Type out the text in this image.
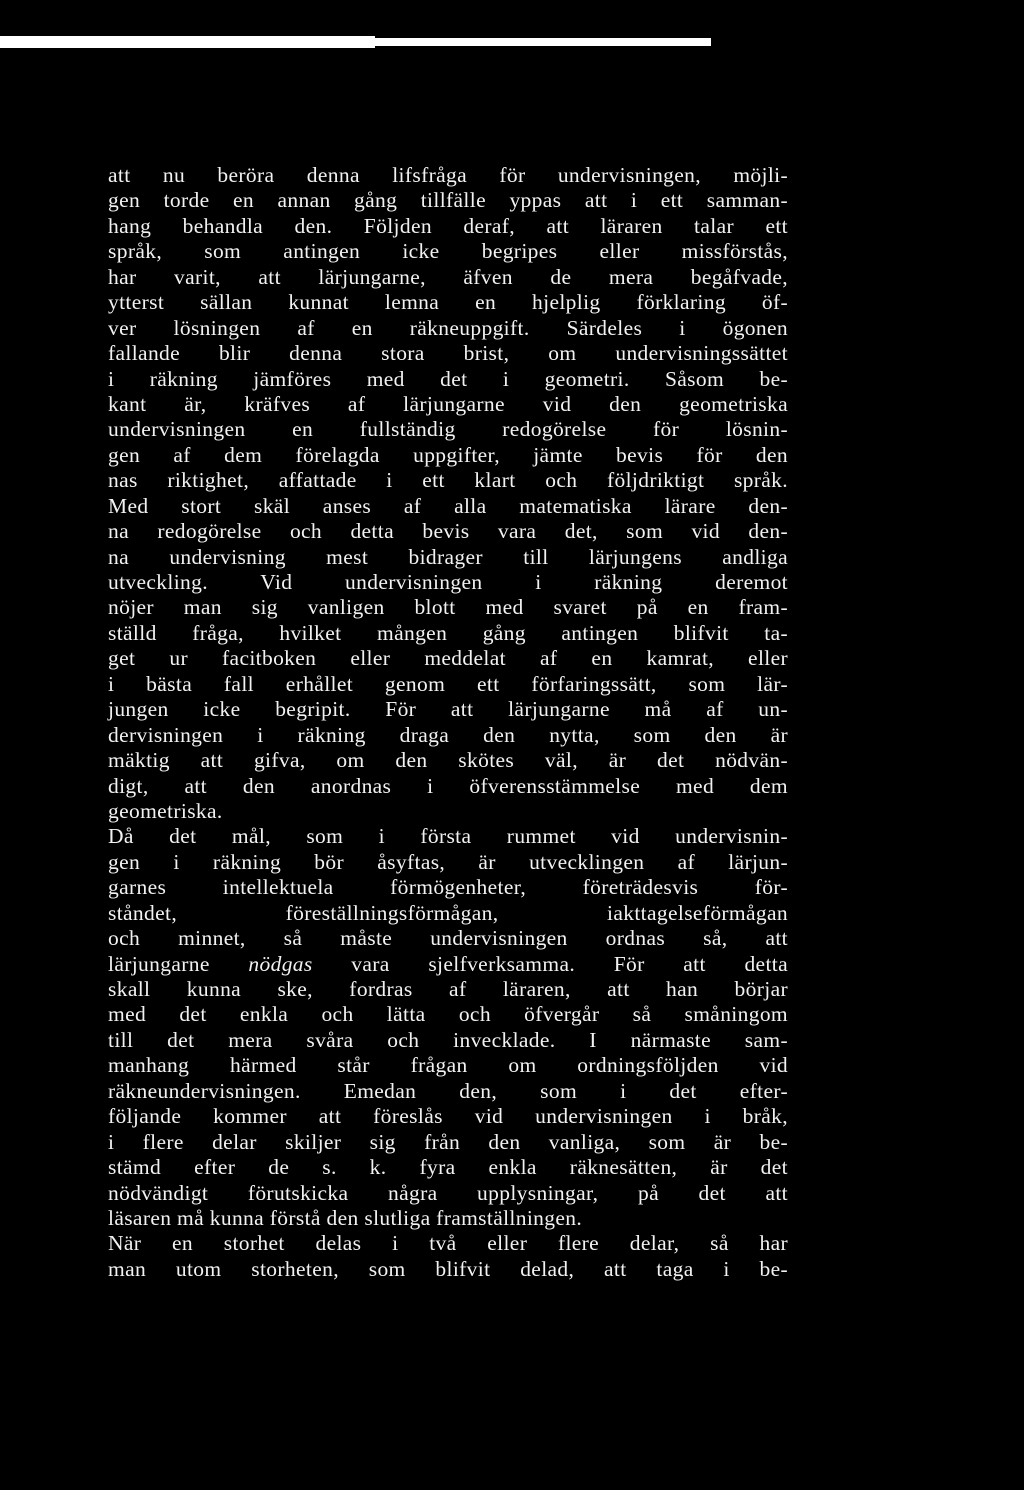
att nu beröra denna lifsfråga för undervisningen, möjli-
gen torde en annan gång tillfälle yppas att i ett samman-
hang behandla den. Följden deraf, att läraren talar ett
språk, som antingen icke begripes eller missförstås,
har varit, att lärjungarne, äfven de mera begåfvade,
ytterst sällan kunnat lemna en hjelplig förklaring öf-
ver lösningen af en räkneuppgift. Särdeles i ögonen
fallande blir denna stora brist, om undervisningssättet
i räkning jämföres med det i geometri. Såsom be-
kant är, kräfves af lärjungarne vid den geometriska
undervisningen en fullständig redogörelse för lösnin-
gen af dem förelagda uppgifter, jämte bevis för den
nas riktighet, affattade i ett klart och följdriktigt språk.
Med stort skäl anses af alla matematiska lärare den-
na redogörelse och detta bevis vara det, som vid den-
na undervisning mest bidrager till lärjungens andliga
utveckling. Vid undervisningen i räkning deremot
nöjer man sig vanligen blott med svaret på en fram-
ställd fråga, hvilket mången gång antingen blifvit ta-
get ur facitboken eller meddelat af en kamrat, eller
i bästa fall erhållet genom ett förfaringssätt, som lär-
jungen icke begripit. För att lärjungarne må af un-
dervisningen i räkning draga den nytta, som den är
mäktig att gifva, om den skötes väl, är det nödvän-
digt, att den anordnas i öfverensstämmelse med dem
geometriska.
Då det mål, som i första rummet vid undervisnin-
gen i räkning bör åsyftas, är utvecklingen af lärjun-
garnes intellektuela förmögenheter, företrädesvis för-
ståndet, föreställningsförmågan, iakttagelseförmågan
och minnet, så måste undervisningen ordnas så, att
lärjungarne nödgas vara sjelfverksamma. För att detta
skall kunna ske, fordras af läraren, att han börjar
med det enkla och lätta och öfvergår så småningom
till det mera svåra och invecklade. I närmaste sam-
manhang härmed står frågan om ordningsföljden vid
räkneundervisningen. Emedan den, som i det efter-
följande kommer att föreslås vid undervisningen i bråk,
i flere delar skiljer sig från den vanliga, som är be-
stämd efter de s. k. fyra enkla räknesätten, är det
nödvändigt förutskicka några upplysningar, på det att
läsaren må kunna förstå den slutliga framställningen.
När en storhet delas i två eller flere delar, så har
man utom storheten, som blifvit delad, att taga i be-
